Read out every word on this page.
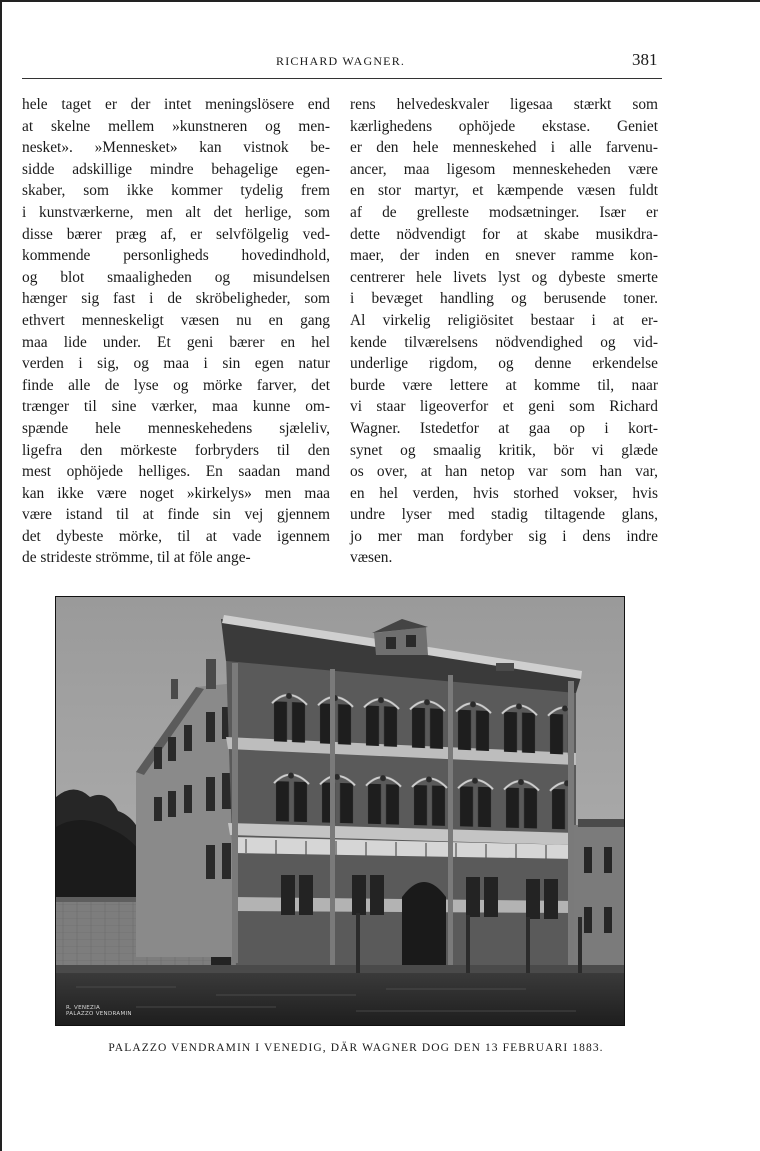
RICHARD WAGNER.	381
hele taget er der intet meningslösere end
at skelne mellem »kunstneren og men-
nesket». »Mennesket» kan vistnok be-
sidde adskillige mindre behagelige egen-
skaber, som ikke kommer tydelig frem
i kunstværkerne, men alt det herlige, som
disse bærer præg af, er selvfölgelig ved-
kommende personligheds hovedindhold,
og blot smaaligheden og misundelsen
hænger sig fast i de skröbeligheder, som
ethvert menneskeligt væsen nu en gang
maa lide under. Et geni bærer en hel
verden i sig, og maa i sin egen natur
finde alle de lyse og mörke farver, det
trænger til sine værker, maa kunne om-
spænde hele menneskehedens sjæleliv,
ligefra den mörkeste forbryders til den
mest ophöjede helliges. En saadan mand
kan ikke være noget »kirkelys» men maa
være istand til at finde sin vej gjennem
det dybeste mörke, til at vade igennem
de strideste strömme, til at föle ange-
rens helvedeskvaler ligesaa stærkt som
kærlighedens ophöjede ekstase. Geniet
er den hele menneskehed i alle farvenu-
ancer, maa ligesom menneskeheden være
en stor martyr, et kæmpende væsen fuldt
af de grelleste modsætninger. Især er
dette nödvendigt for at skabe musikdra-
maer, der inden en snever ramme kon-
centrerer hele livets lyst og dybeste smerte
i bevæget handling og berusende toner.
Al virkelig religiösitet bestaar i at er-
kende tilværelsens nödvendighed og vid-
underlige rigdom, og denne erkendelse
burde være lettere at komme til, naar
vi staar ligeoverfor et geni som Richard
Wagner. Istedetfor at gaa op i kort-
synet og smaalig kritik, bör vi glæde
os over, at han netop var som han var,
en hel verden, hvis storhed vokser, hvis
undre lyser med stadig tiltagende glans,
jo mer man fordyber sig i dens indre
væsen.
R. VENEZIA
PALAZZO VENDRAMIN
PALAZZO VENDRAMIN I VENEDIG, DÄR WAGNER DOG DEN 13 FEBRUARI 1883.
